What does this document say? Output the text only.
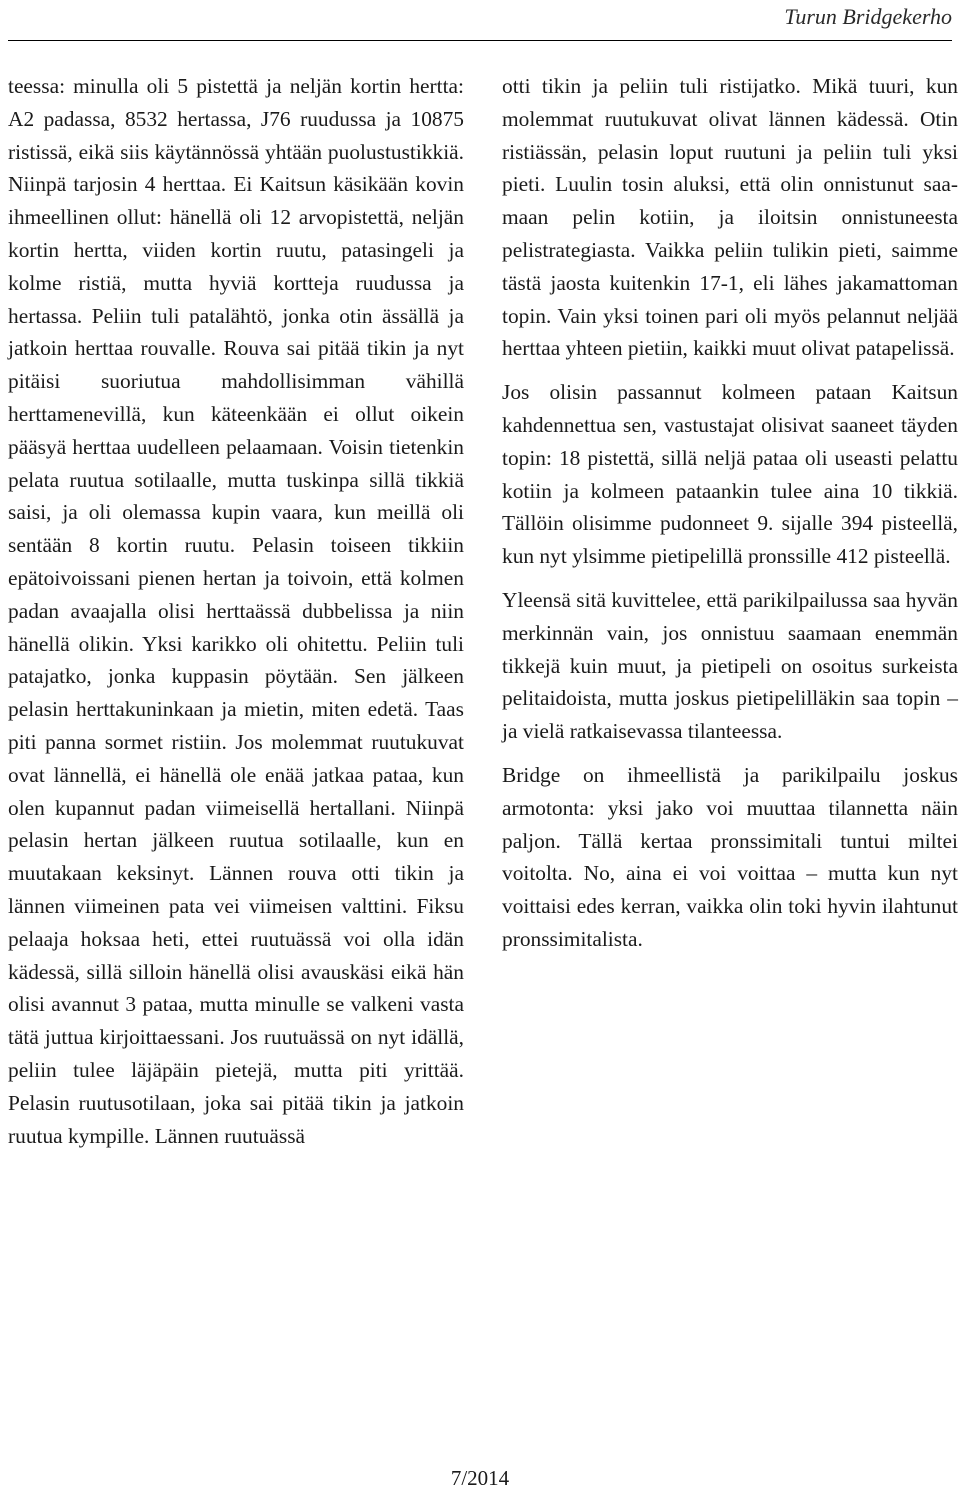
Turun Bridgekerho

teessa: minulla oli 5 pistettä ja neljän kortin hertta: A2 padassa, 8532 hertassa, J76 ruudussa ja 10875 ristissä, eikä siis käytännössä yhtään puolustustikkiä. Niinpä tarjosin 4 herttaa. Ei Kaitsun käsikään kovin ihmeellinen ollut: hänellä oli 12 arvopistettä, neljän kortin hertta, viiden kortin ruutu, patasingeli ja kolme ristiä, mutta hyviä kortteja ruudussa ja hertassa. Peliin tuli patalähtö, jonka otin ässällä ja jatkoin herttaa rouvalle. Rouva sai pitää tikin ja nyt pitäisi suoriutua mahdollisimman vähillä herttamenevillä, kun käteenkään ei ollut oikein pääsyä herttaa uudelleen pelaamaan. Voisin tietenkin pelata ruutua sotilaalle, mutta tuskinpa sillä tikkiä saisi, ja oli olemassa kupin vaara, kun meillä oli sentään 8 kortin ruutu. Pelasin toiseen tikkiin epätoivoissani pienen hertan ja toivoin, että kolmen padan avaajalla olisi herttaässä dubbelissa ja niin hänellä olikin. Yksi karikko oli ohitettu. Peliin tuli patajatko, jonka kuppasin pöytään. Sen jälkeen pelasin herttakuninkaan ja mietin, miten edetä. Taas piti panna sormet ristiin. Jos molemmat ruutukuvat ovat lännellä, ei hänellä ole enää jatkaa pataa, kun olen kupannut padan viimeisellä hertallani. Niinpä pelasin hertan jälkeen ruutua sotilaalle, kun en muutakaan keksinyt. Lännen rouva otti tikin ja lännen viimeinen pata vei viimeisen valttini. Fiksu pelaaja hoksaa heti, ettei ruutuässä voi olla idän kädessä, sillä silloin hänellä olisi avauskäsi eikä hän olisi avannut 3 pataa, mutta minulle se valkeni vasta tätä juttua kirjoittaessani. Jos ruutuässä on nyt idällä, peliin tulee läjäpäin pietejä, mutta piti yrittää. Pelasin ruutusotilaan, joka sai pitää tikin ja jatkoin ruutua kympille. Lännen ruutuässä

otti tikin ja peliin tuli ristijatko. Mikä tuuri, kun molemmat ruutukuvat olivat lännen kädessä. Otin ristiässän, pelasin loput ruutuni ja peliin tuli yksi pieti. Luulin tosin aluksi, että olin onnistunut saamaan pelin kotiin, ja iloitsin onnistuneesta pelistrategiasta. Vaikka peliin tulikin pieti, saimme tästä jaosta kuitenkin 17-1, eli lähes jakamattoman topin. Vain yksi toinen pari oli myös pelannut neljää herttaa yhteen pietiin, kaikki muut olivat patapelissä.

Jos olisin passannut kolmeen pataan Kaitsun kahdennettua sen, vastustajat olisivat saaneet täyden topin: 18 pistettä, sillä neljä pataa oli useasti pelattu kotiin ja kolmeen pataankin tulee aina 10 tikkiä. Tällöin olisimme pudonneet 9. sijalle 394 pisteellä, kun nyt ylsimme pietipelillä pronssille 412 pisteellä.

Yleensä sitä kuvittelee, että parikilpailussa saa hyvän merkinnän vain, jos onnistuu saamaan enemmän tikkejä kuin muut, ja pietipeli on osoitus surkeista pelitaidoista, mutta joskus pietipelilläkin saa topin – ja vielä ratkaisevassa tilanteessa.

Bridge on ihmeellistä ja parikilpailu joskus armotonta: yksi jako voi muuttaa tilannetta näin paljon. Tällä kertaa pronssimitali tuntui miltei voitolta. No, aina ei voi voittaa – mutta kun nyt voittaisi edes kerran, vaikka olin toki hyvin ilahtunut pronssimitalista.

7/2014
